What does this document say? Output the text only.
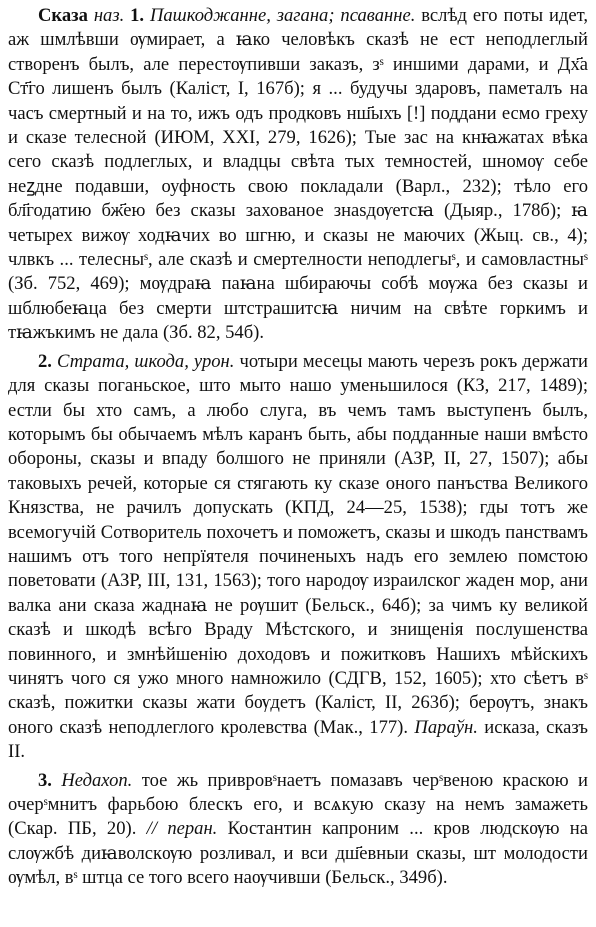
Сказа наз. 1. Пашкоджанне, загана; псаванне. вслѣд его поты идет, аж шмлѣвши ѹмирает, а ꙗко человѣкъ сказѣ не ест неподлеглый створенъ былъ, але перестѹпивши заказъ, зˢ иншими дарами, и Дх҃а Ст҃го лишенъ былъ (Каліст, I, 167б); я ... будучы здаровъ, паметалъ на часъ смертный и на то, ижъ одъ продковъ нш҃ыхъ [!] поддани есмо греху и сказе телесной (ИЮМ, XXI, 279, 1626); Тые зас на кнꙗжатах вѣка сего сказѣ подлеглых, и владцы свѣта тых темностей, шномѹ себе неꙁдне подавши, оуфность свою покладали (Варл., 232); тѣло его бл҃годатию бж҃ею без сказы захованое знаѕдѹетсꙗ (Дыяр., 178б); ꙗ четырех вижѹ ходꙗчих во шгню, и сказы не маючих (Жыц. св., 4); члвкъ ... телесныˢ, але сказѣ и смертелности неподлегыˢ, и самовластныˢ (Зб. 752, 469); мѹдраꙗ паꙗна шбираючы собѣ мѹжа без сказы и шблюбеꙗца без смерти штстрашитсꙗ ничим на свѣте горкимъ и тꙗжъкимъ не дала (Зб. 82, 54б).

2. Страта, шкода, урон. чотыри месецы мають черезъ рокъ держати для сказы поганьское, што мыто нашо уменьшилося (КЗ, 217, 1489); естли бы хто самъ, а любо слуга, въ чемъ тамъ выступенъ былъ, которымъ бы обычаемъ мѣлъ каранъ быть, абы подданные наши вмѣсто обороны, сказы и впаду болшого не приняли (АЗР, II, 27, 1507); абы таковыхъ речей, которые ся стягають ку сказе оного панъства Великого Князства, не рачилъ допускать (КПД, 24—25, 1538); гды тотъ же всемогучій Сотворитель похочетъ и поможетъ, сказы и шкодъ панствамъ нашимъ отъ того непрïятеля починеныхъ надъ его землею помстою поветовати (АЗР, III, 131, 1563); того народѹ израилског жаден мор, ани валка ани сказа жаднаꙗ не рѹшит (Бельск., 64б); за чимъ ку великой сказѣ и шкодѣ всѣго Враду Мѣстского, и знищенія послушенства повинного, и змнѣйшенію доходовъ и пожитковъ Нашихъ мѣйскихъ чинятъ чого ся ужо много намножило (СДГВ, 152, 1605); хто сѣетъ вˢ сказѣ, пожитки сказы жати бѹдетъ (Каліст, II, 263б); берѹтъ, знакъ оного сказѣ неподлеглого кролевства (Мак., 177). Параўн. исказа, сказъ II.

3. Недахоп. тое жь привровˢнаетъ помазавъ черˢвеною краскою и очерˢмнитъ фарьбою блескъ его, и всѧкую сказу на немъ замажеть (Скар. ПБ, 20). // перан. Костантин капроним ... кров людскѹю на слѹжбѣ диꙗволскѹю розливал, и вси дш҃евныи сказы, шт молодости ѹмѣл, вˢ штца се того всего наѹчивши (Бельск., 349б).
